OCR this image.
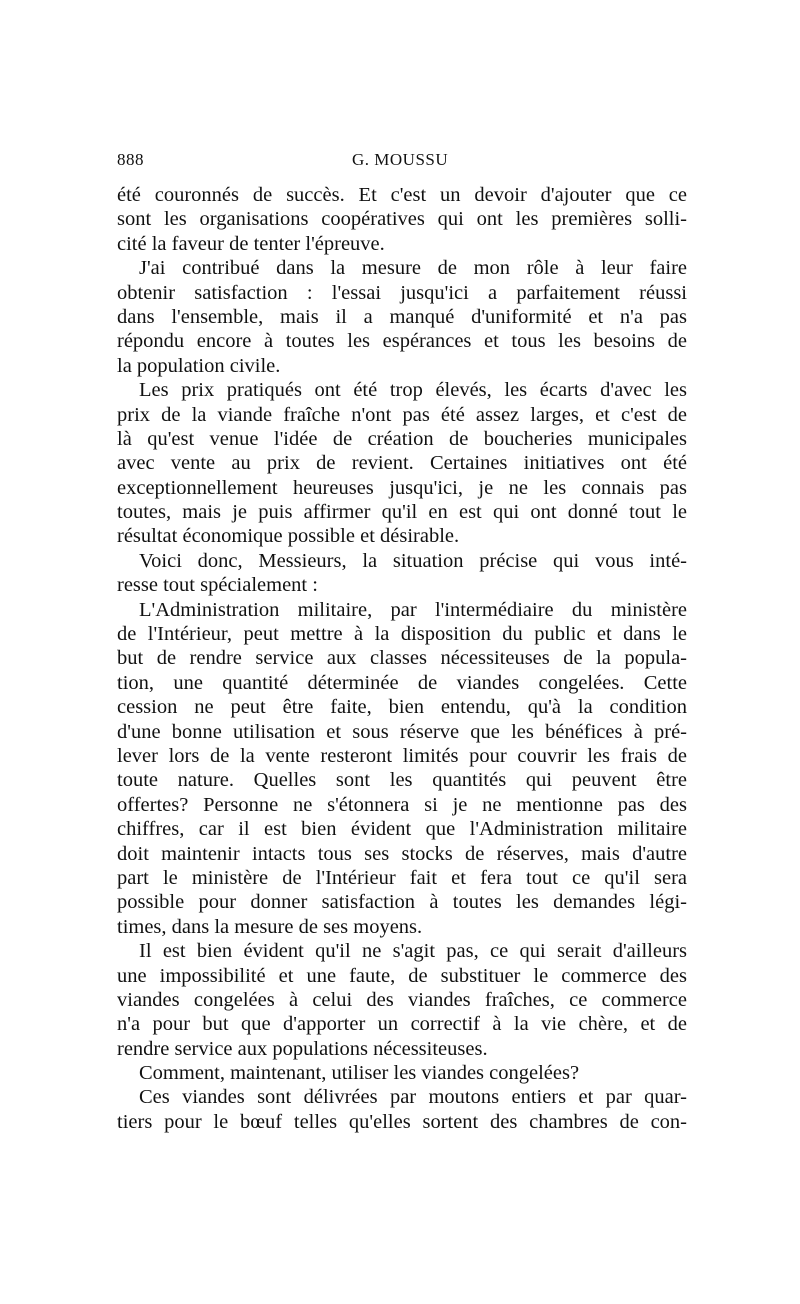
888	G. MOUSSU
été couronnés de succès. Et c'est un devoir d'ajouter que ce
sont les organisations coopératives qui ont les premières solli-
cité la faveur de tenter l'épreuve.
J'ai contribué dans la mesure de mon rôle à leur faire
obtenir satisfaction : l'essai jusqu'ici a parfaitement réussi
dans l'ensemble, mais il a manqué d'uniformité et n'a pas
répondu encore à toutes les espérances et tous les besoins de
la population civile.
Les prix pratiqués ont été trop élevés, les écarts d'avec les
prix de la viande fraîche n'ont pas été assez larges, et c'est de
là qu'est venue l'idée de création de boucheries municipales
avec vente au prix de revient. Certaines initiatives ont été
exceptionnellement heureuses jusqu'ici, je ne les connais pas
toutes, mais je puis affirmer qu'il en est qui ont donné tout le
résultat économique possible et désirable.
Voici donc, Messieurs, la situation précise qui vous inté-
resse tout spécialement :
L'Administration militaire, par l'intermédiaire du ministère
de l'Intérieur, peut mettre à la disposition du public et dans le
but de rendre service aux classes nécessiteuses de la popula-
tion, une quantité déterminée de viandes congelées. Cette
cession ne peut être faite, bien entendu, qu'à la condition
d'une bonne utilisation et sous réserve que les bénéfices à pré-
lever lors de la vente resteront limités pour couvrir les frais de
toute nature. Quelles sont les quantités qui peuvent être
offertes? Personne ne s'étonnera si je ne mentionne pas des
chiffres, car il est bien évident que l'Administration militaire
doit maintenir intacts tous ses stocks de réserves, mais d'autre
part le ministère de l'Intérieur fait et fera tout ce qu'il sera
possible pour donner satisfaction à toutes les demandes légi-
times, dans la mesure de ses moyens.
Il est bien évident qu'il ne s'agit pas, ce qui serait d'ailleurs
une impossibilité et une faute, de substituer le commerce des
viandes congelées à celui des viandes fraîches, ce commerce
n'a pour but que d'apporter un correctif à la vie chère, et de
rendre service aux populations nécessiteuses.
Comment, maintenant, utiliser les viandes congelées?
Ces viandes sont délivrées par moutons entiers et par quar-
tiers pour le bœuf telles qu'elles sortent des chambres de con-
